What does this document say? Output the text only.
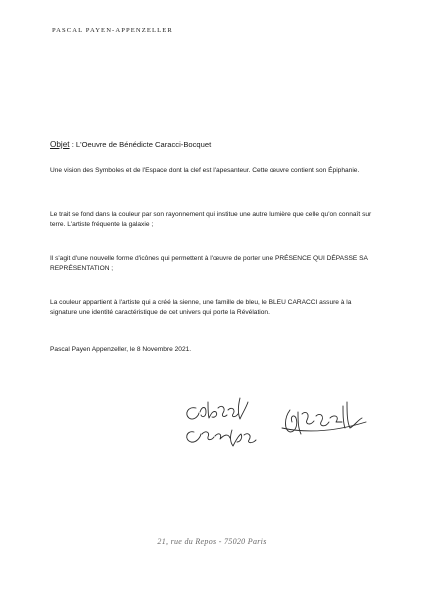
PASCAL PAYEN-APPENZELLER
Objet : L'Oeuvre de Bénédicte Caracci-Bocquet

Une vision des Symboles et de l'Espace dont la clef est l'apesanteur. Cette œuvre contient son Épiphanie.

Le trait se fond dans la couleur par son rayonnement qui institue une autre lumière que celle qu'on connaît sur terre. L'artiste fréquente la galaxie ;

Il s'agit d'une nouvelle forme d'icônes qui permettent à l'œuvre de porter une PRÉSENCE QUI DÉPASSE SA REPRÉSENTATION ;

La couleur appartient à l'artiste qui a créé la sienne, une famille de bleu, le BLEU CARACCI assure à la signature une identité caractéristique de cet univers qui porte la Révélation.

Pascal Payen Appenzeller, le 8 Novembre 2021.

21, rue du Repos - 75020 Paris
